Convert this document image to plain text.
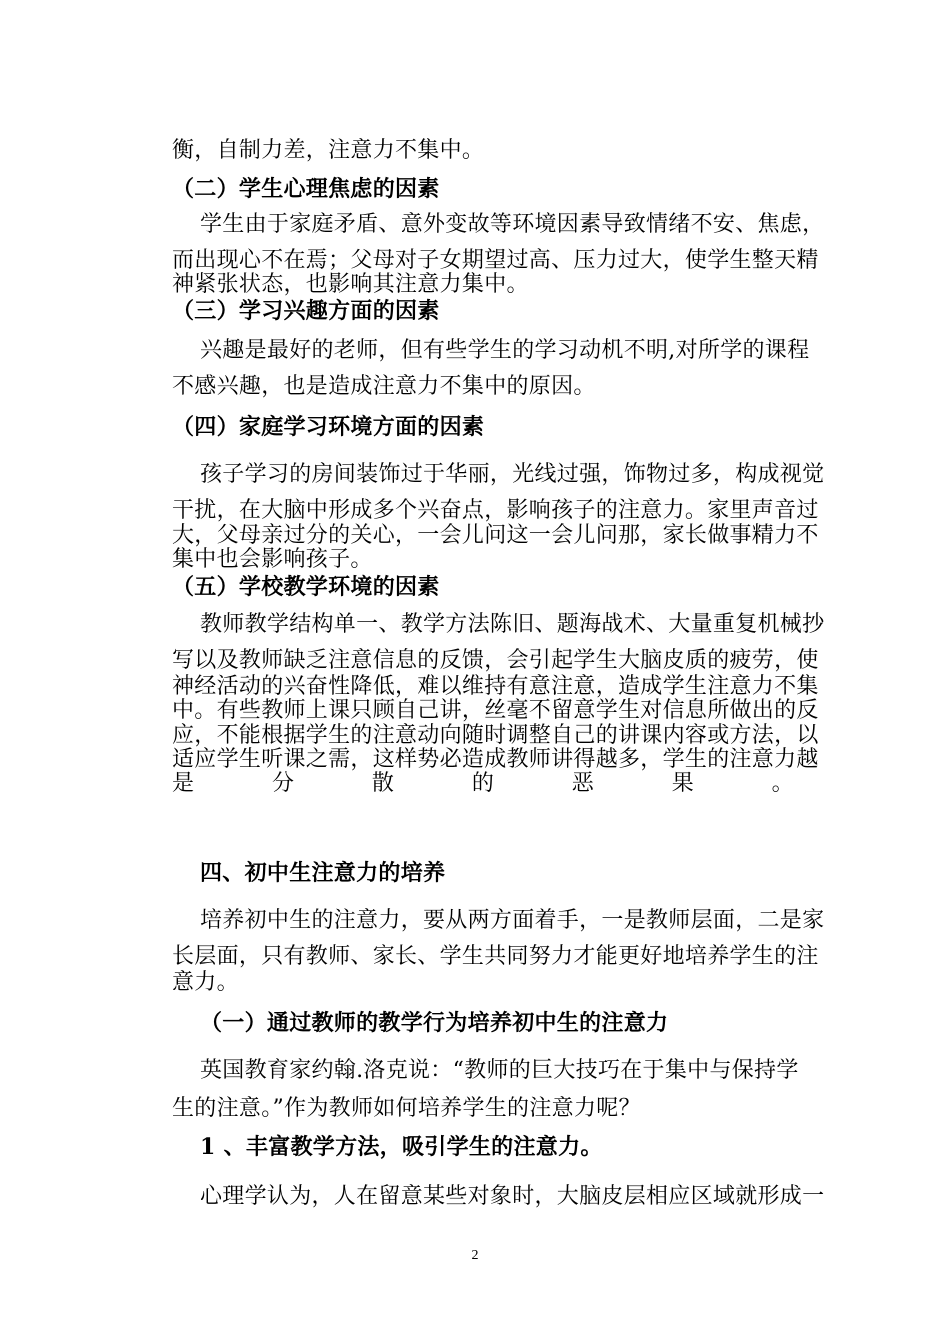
衡，自制力差，注意力不集中。
（二）学生心理焦虑的因素
学生由于家庭矛盾、意外变故等环境因素导致情绪不安、焦虑，
而出现心不在焉；父母对子女期望过高、压力过大，使学生整天精
神紧张状态，也影响其注意力集中。
（三）学习兴趣方面的因素
兴趣是最好的老师，但有些学生的学习动机不明,对所学的课程
不感兴趣，也是造成注意力不集中的原因。
（四）家庭学习环境方面的因素
孩子学习的房间装饰过于华丽，光线过强，饰物过多，构成视觉
干扰，在大脑中形成多个兴奋点，影响孩子的注意力。家里声音过
大，父母亲过分的关心，一会儿问这一会儿问那，家长做事精力不
集中也会影响孩子。
（五）学校教学环境的因素
教师教学结构单一、教学方法陈旧、题海战术、大量重复机械抄
写以及教师缺乏注意信息的反馈，会引起学生大脑皮质的疲劳，使
神经活动的兴奋性降低，难以维持有意注意，造成学生注意力不集
中。有些教师上课只顾自己讲，丝毫不留意学生对信息所做出的反
应，不能根据学生的注意动向随时调整自己的讲课内容或方法，以
适应学生听课之需，这样势必造成教师讲得越多，学生的注意力越
是	分	散	的	恶	果	。
四、初中生注意力的培养
培养初中生的注意力，要从两方面着手，一是教师层面，二是家
长层面，只有教师、家长、学生共同努力才能更好地培养学生的注
意力。
（一）通过教师的教学行为培养初中生的注意力
英国教育家约翰.洛克说：“教师的巨大技巧在于集中与保持学
生的注意。”作为教师如何培养学生的注意力呢？
1 、丰富教学方法，吸引学生的注意力。
心理学认为，人在留意某些对象时，大脑皮层相应区域就形成一
2
